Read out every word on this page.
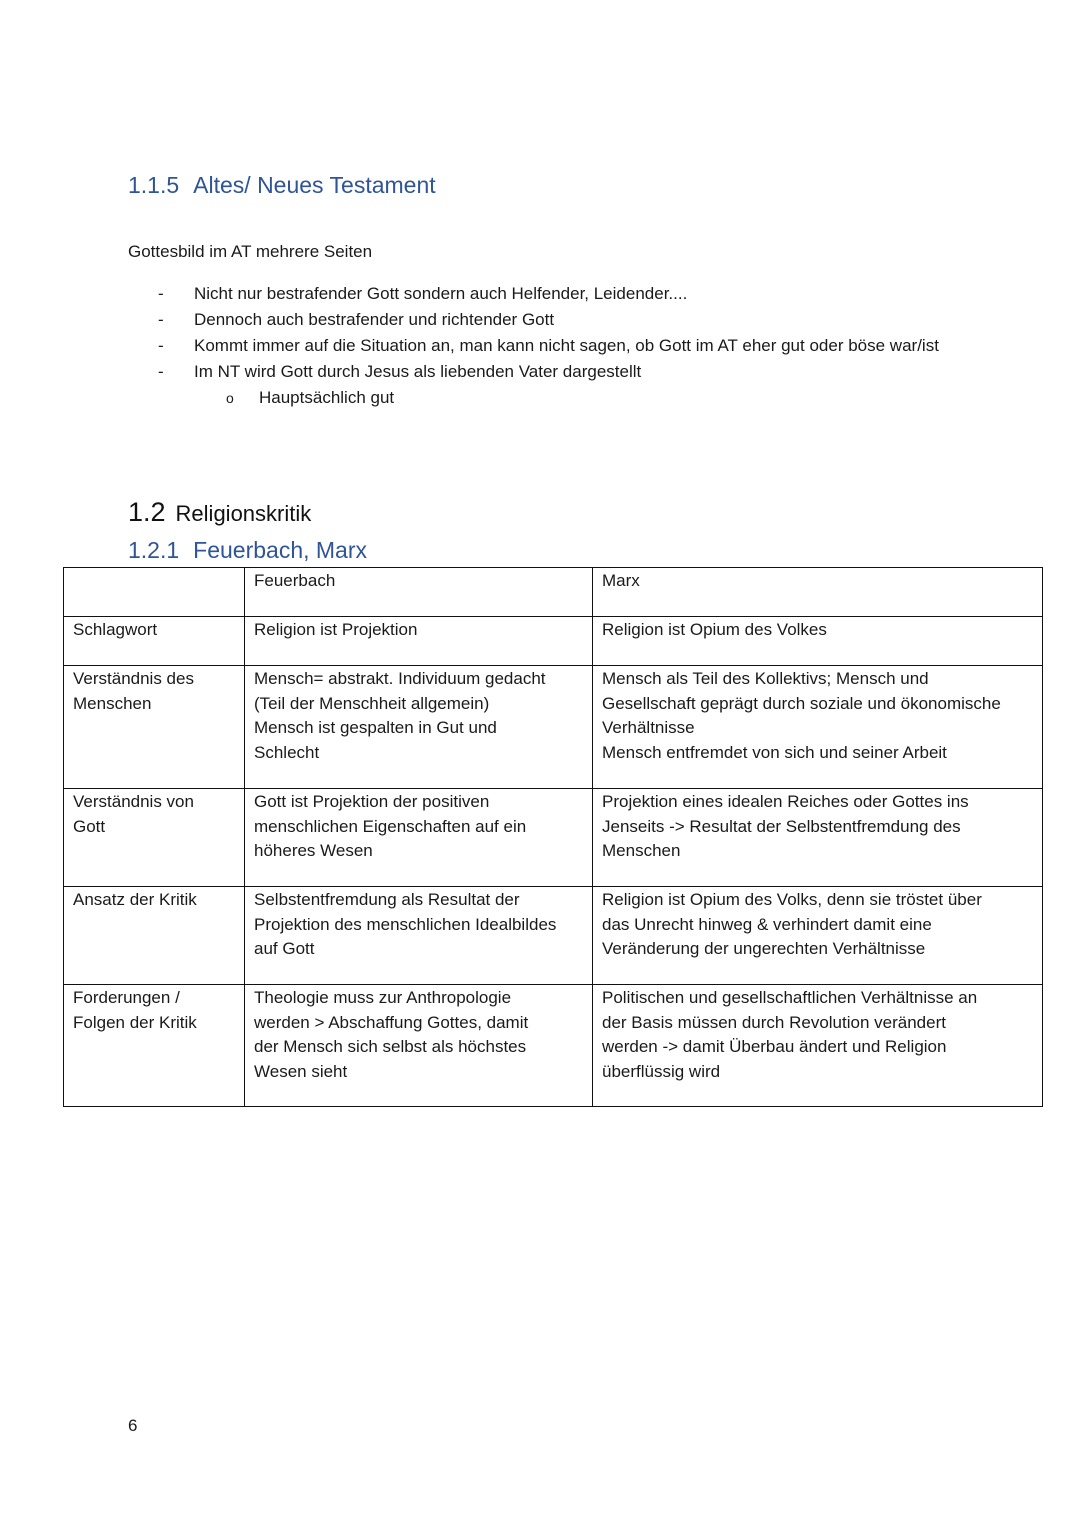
1.1.5 Altes/ Neues Testament
Gottesbild im AT mehrere Seiten
- Nicht nur bestrafender Gott sondern auch Helfender, Leidender....
- Dennoch auch bestrafender und richtender Gott
- Kommt immer auf die Situation an, man kann nicht sagen, ob Gott im AT eher gut oder böse war/ist
- Im NT wird Gott durch Jesus als liebenden Vater dargestellt
o Hauptsächlich gut
1.2 Religionskritik
1.2.1 Feuerbach, Marx
	Feuerbach	Marx

Schlagwort	Religion ist Projektion	Religion ist Opium des Volkes

Verständnis des
Menschen	Mensch= abstrakt. Individuum gedacht
(Teil der Menschheit allgemein)
Mensch ist gespalten in Gut und
Schlecht	Mensch als Teil des Kollektivs; Mensch und
Gesellschaft geprägt durch soziale und ökonomische
Verhältnisse
Mensch entfremdet von sich und seiner Arbeit

Verständnis von
Gott	Gott ist Projektion der positiven
menschlichen Eigenschaften auf ein
höheres Wesen	Projektion eines idealen Reiches oder Gottes ins
Jenseits -> Resultat der Selbstentfremdung des
Menschen

Ansatz der Kritik	Selbstentfremdung als Resultat der
Projektion des menschlichen Idealbildes
auf Gott	Religion ist Opium des Volks, denn sie tröstet über
das Unrecht hinweg & verhindert damit eine
Veränderung der ungerechten Verhältnisse

Forderungen /
Folgen der Kritik	Theologie muss zur Anthropologie
werden > Abschaffung Gottes, damit
der Mensch sich selbst als höchstes
Wesen sieht	Politischen und gesellschaftlichen Verhältnisse an
der Basis müssen durch Revolution verändert
werden -> damit Überbau ändert und Religion
überflüssig wird
6
